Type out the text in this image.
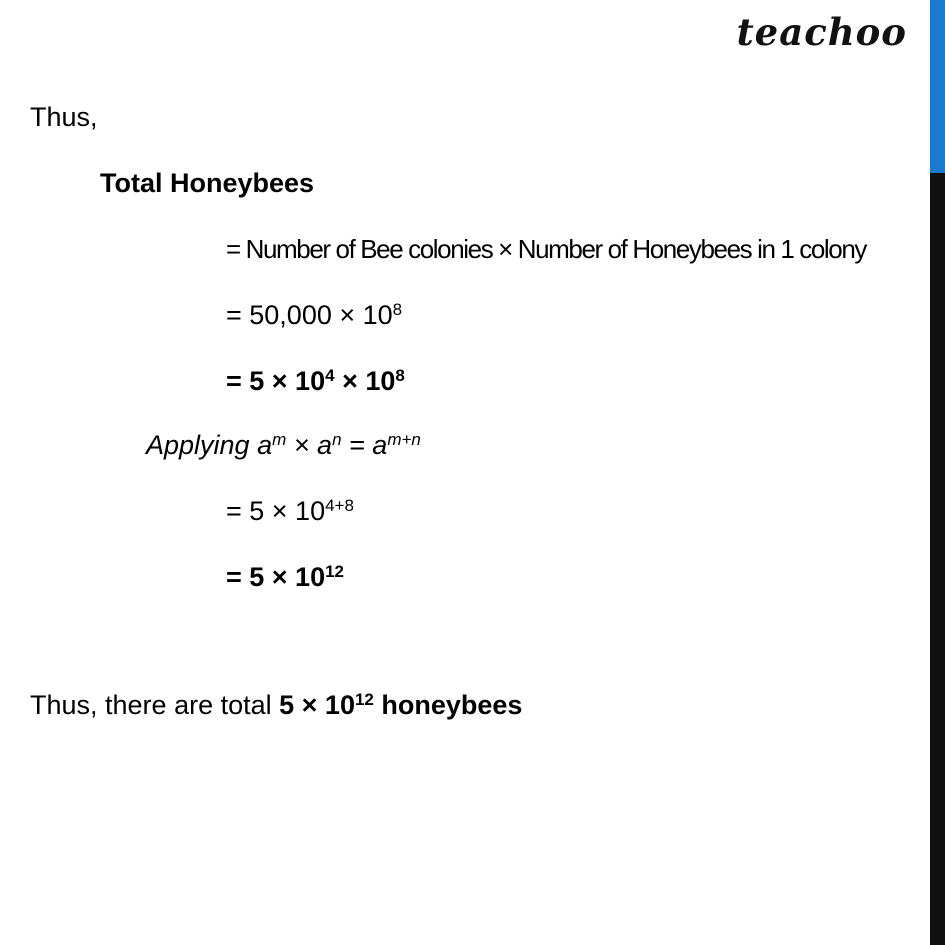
teachoo
Thus,
Total Honeybees
= Number of Bee colonies × Number of Honeybees in 1 colony
= $50,000 \times 10^8$
= $5 \times 10^4 \times 10^8$
Applying $a^m \times a^n = a^{m+n}$
= $5 \times 10^{4+8}$
= $5 \times 10^{12}$
Thus, there are total $5 \times 10^{12}$ honeybees
